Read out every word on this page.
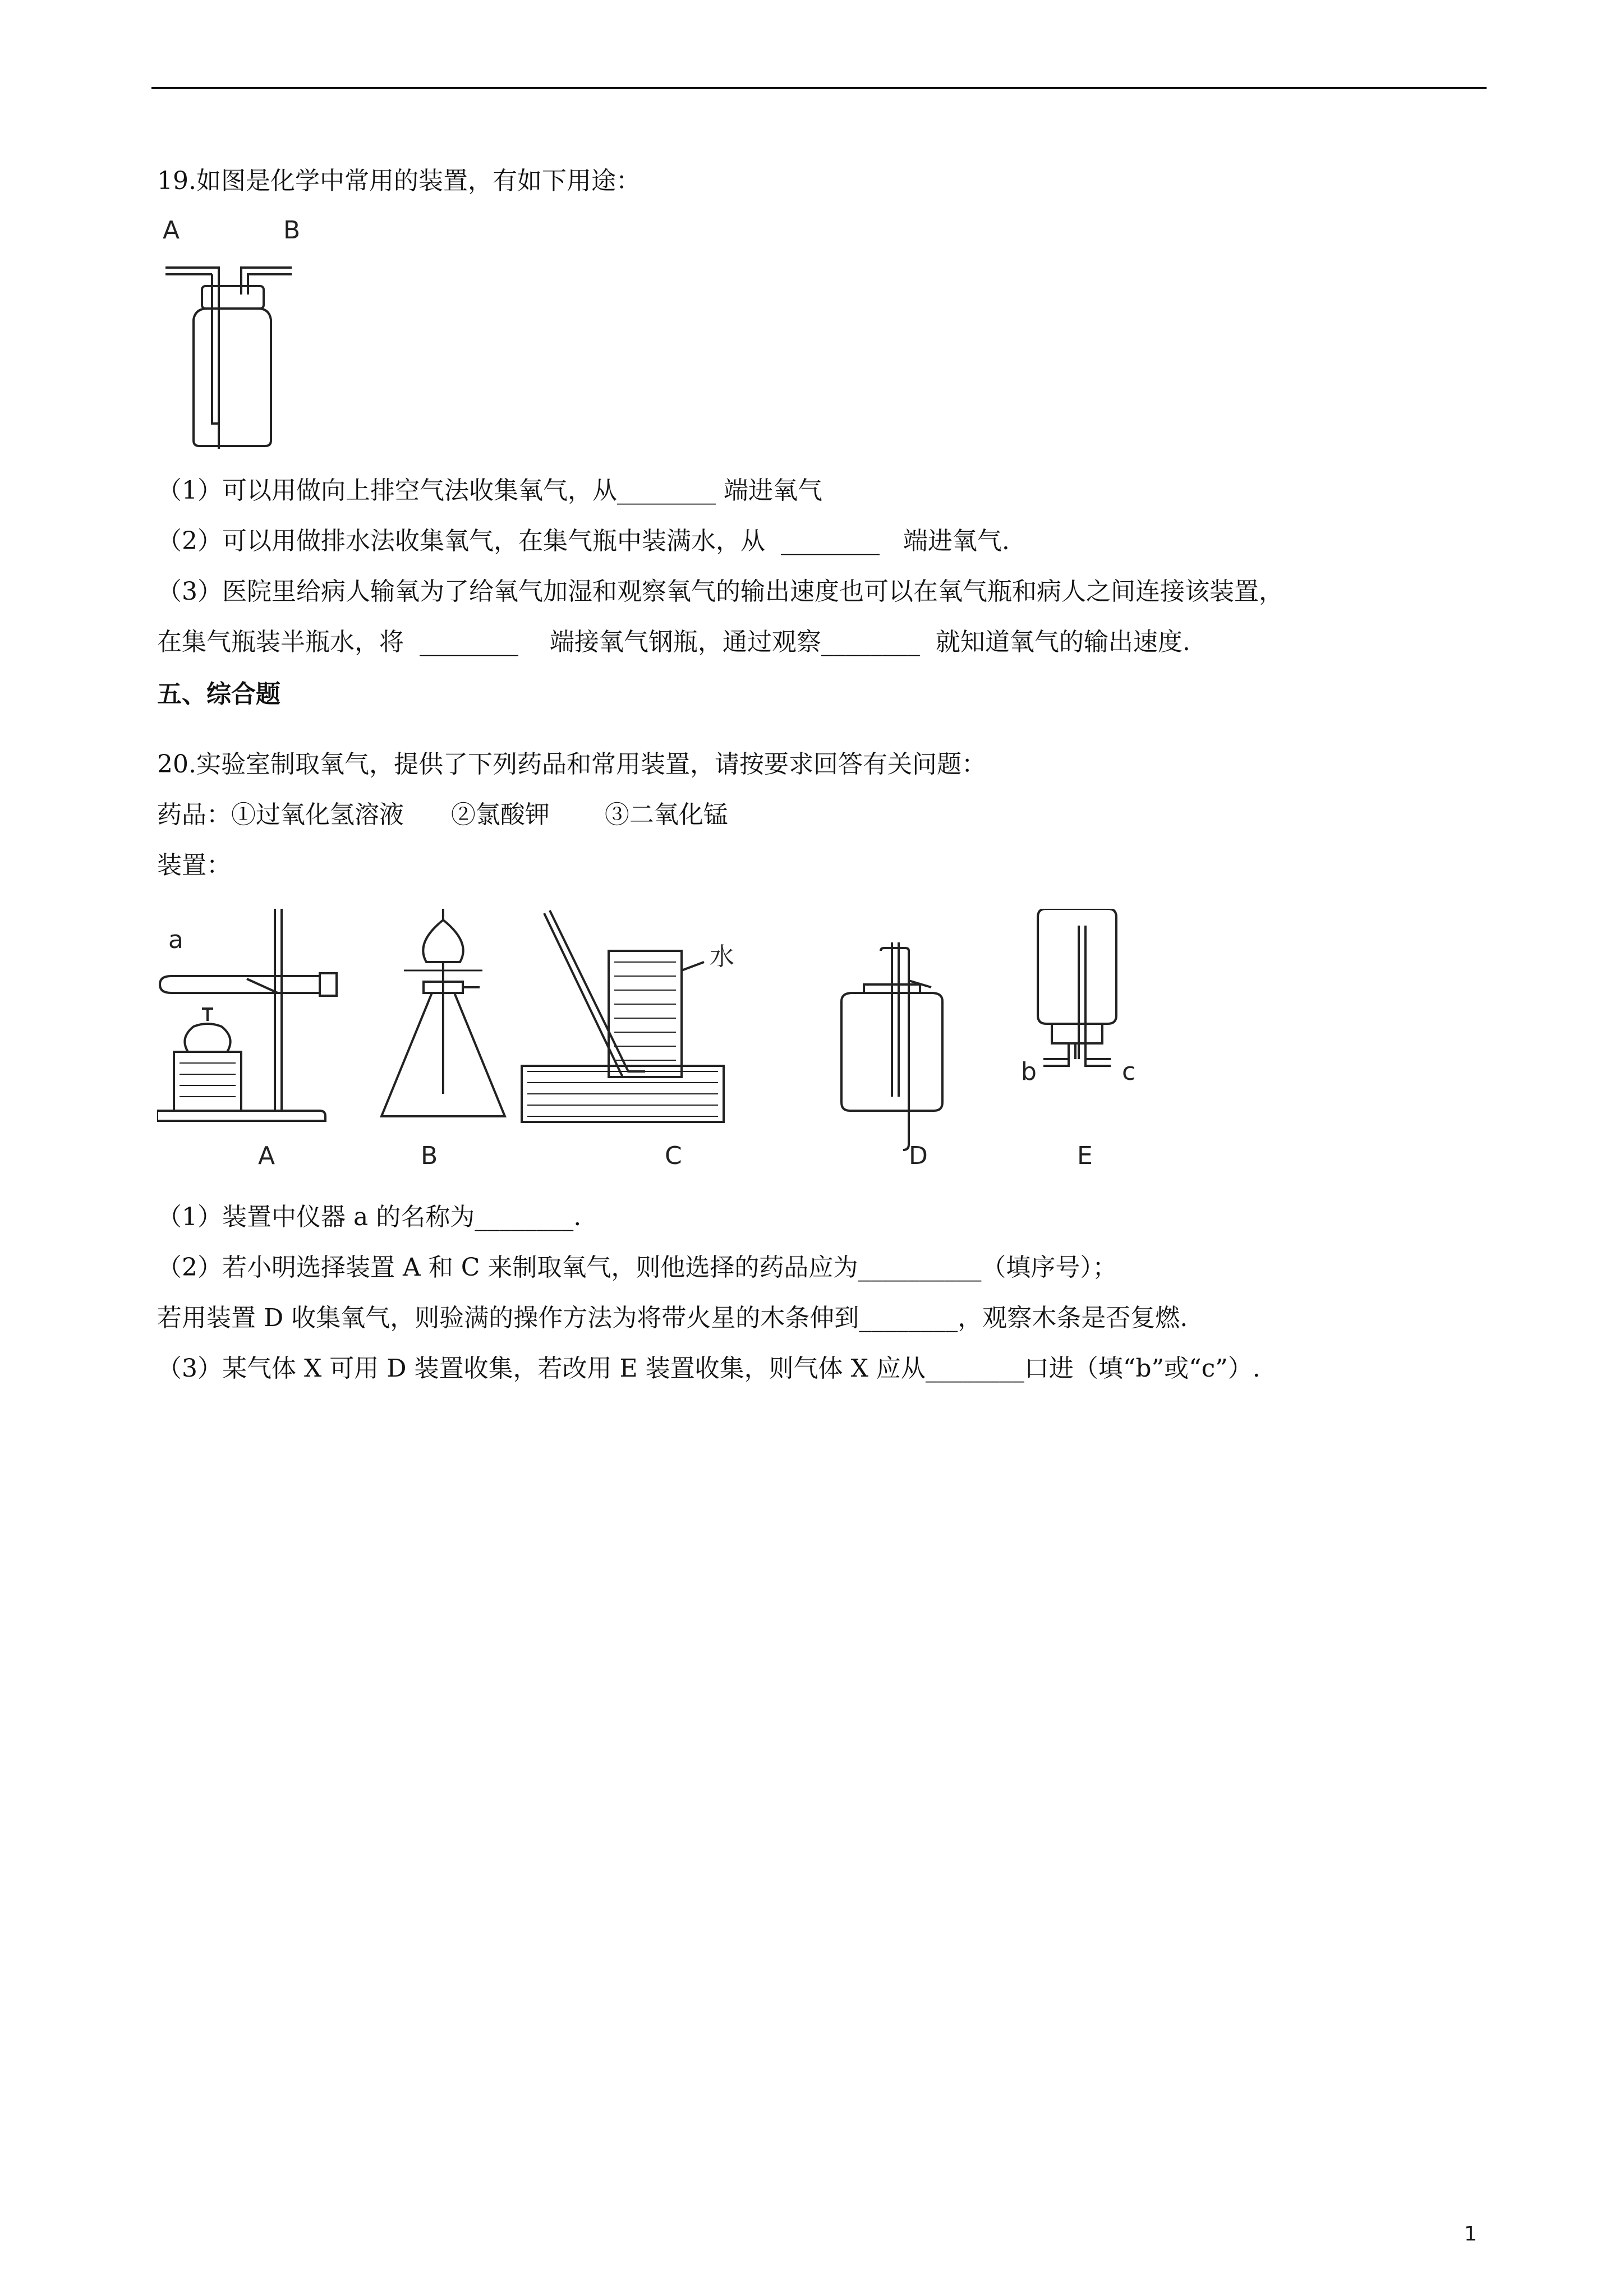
19.如图是化学中常用的装置，有如下用途：
A	B
（1）可以用做向上排空气法收集氧气，从________ 端进氧气
（2）可以用做排水法收集氧气，在集气瓶中装满水，从  ________   端进氧气.
（3）医院里给病人输氧为了给氧气加湿和观察氧气的输出速度也可以在氧气瓶和病人之间连接该装置，
在集气瓶装半瓶水，将  ________    端接氧气钢瓶，通过观察________  就知道氧气的输出速度.
五、综合题
20.实验室制取氧气，提供了下列药品和常用装置，请按要求回答有关问题：
药品：①过氧化氢溶液      ②氯酸钾       ③二氧化锰
装置：
a
水
b	c
A	B	C	D	E
（1）装置中仪器 a 的名称为________.
（2）若小明选择装置 A 和 C 来制取氧气，则他选择的药品应为__________（填序号）；
若用装置 D 收集氧气，则验满的操作方法为将带火星的木条伸到________，观察木条是否复燃.
（3）某气体 X 可用 D 装置收集，若改用 E 装置收集，则气体 X 应从________口进（填“b”或“c”）.
1
